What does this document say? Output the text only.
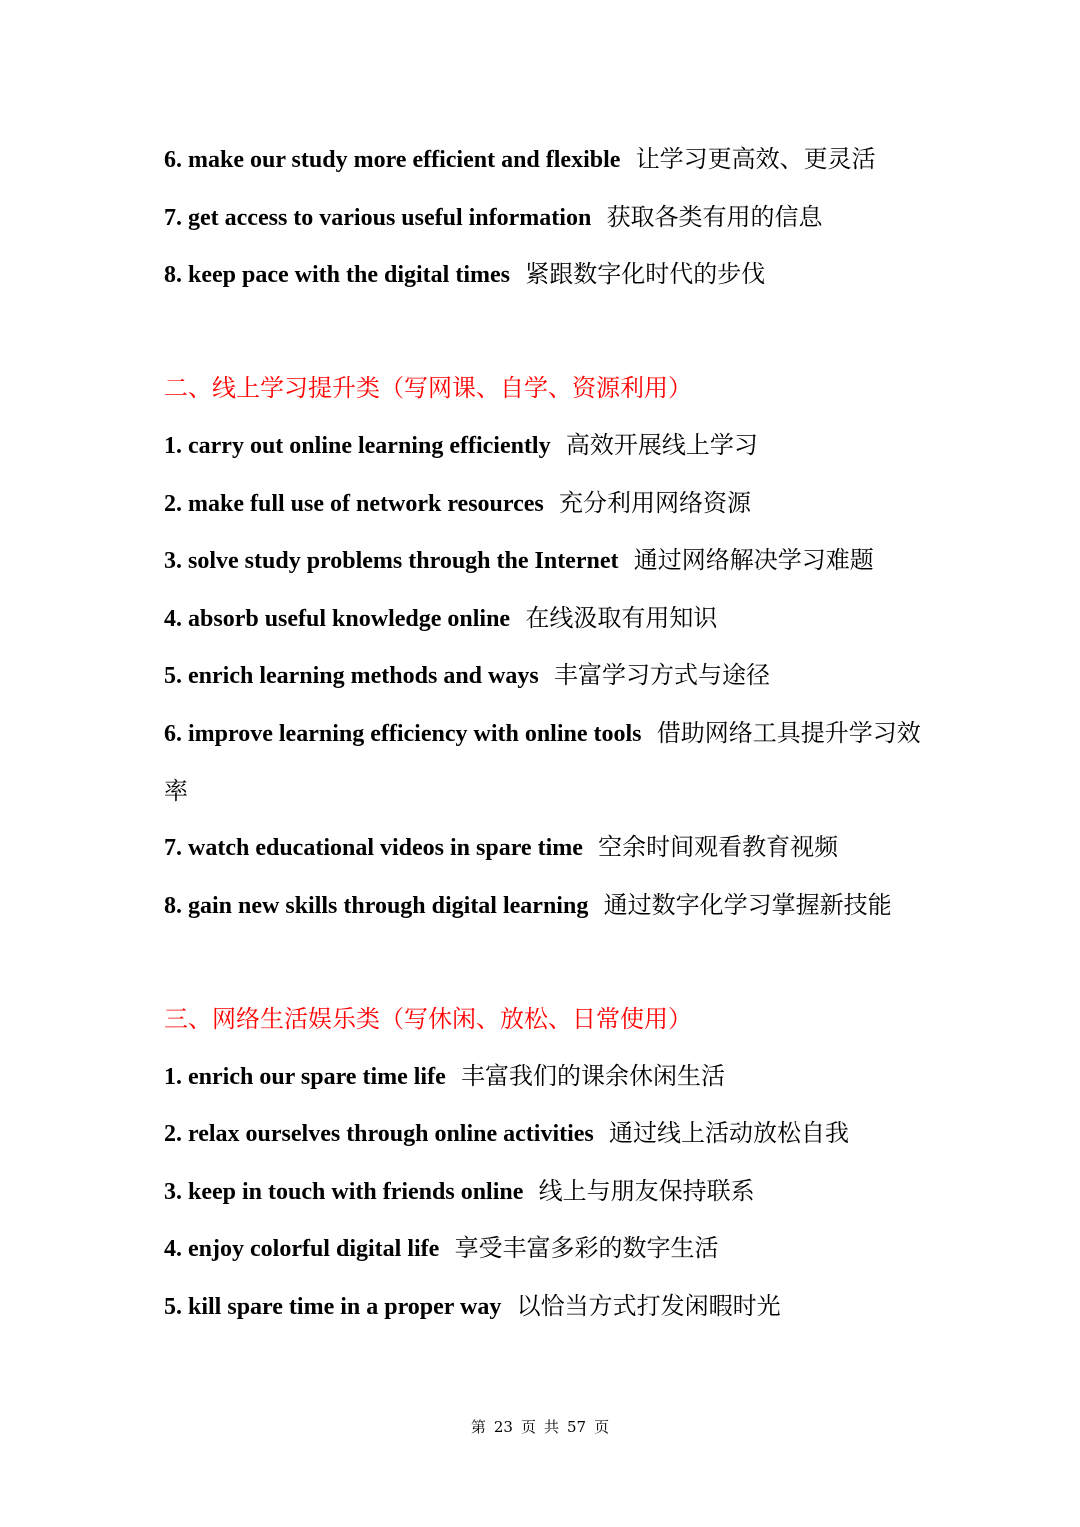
6. make our study more efficient and flexible 让学习更高效、更灵活
7. get access to various useful information 获取各类有用的信息
8. keep pace with the digital times 紧跟数字化时代的步伐
二、线上学习提升类（写网课、自学、资源利用）
1. carry out online learning efficiently 高效开展线上学习
2. make full use of network resources 充分利用网络资源
3. solve study problems through the Internet 通过网络解决学习难题
4. absorb useful knowledge online 在线汲取有用知识
5. enrich learning methods and ways 丰富学习方式与途径
6. improve learning efficiency with online tools 借助网络工具提升学习效率
7. watch educational videos in spare time 空余时间观看教育视频
8. gain new skills through digital learning 通过数字化学习掌握新技能
三、网络生活娱乐类（写休闲、放松、日常使用）
1. enrich our spare time life 丰富我们的课余休闲生活
2. relax ourselves through online activities 通过线上活动放松自我
3. keep in touch with friends online 线上与朋友保持联系
4. enjoy colorful digital life 享受丰富多彩的数字生活
5. kill spare time in a proper way 以恰当方式打发闲暇时光
第 23 页 共 57 页
